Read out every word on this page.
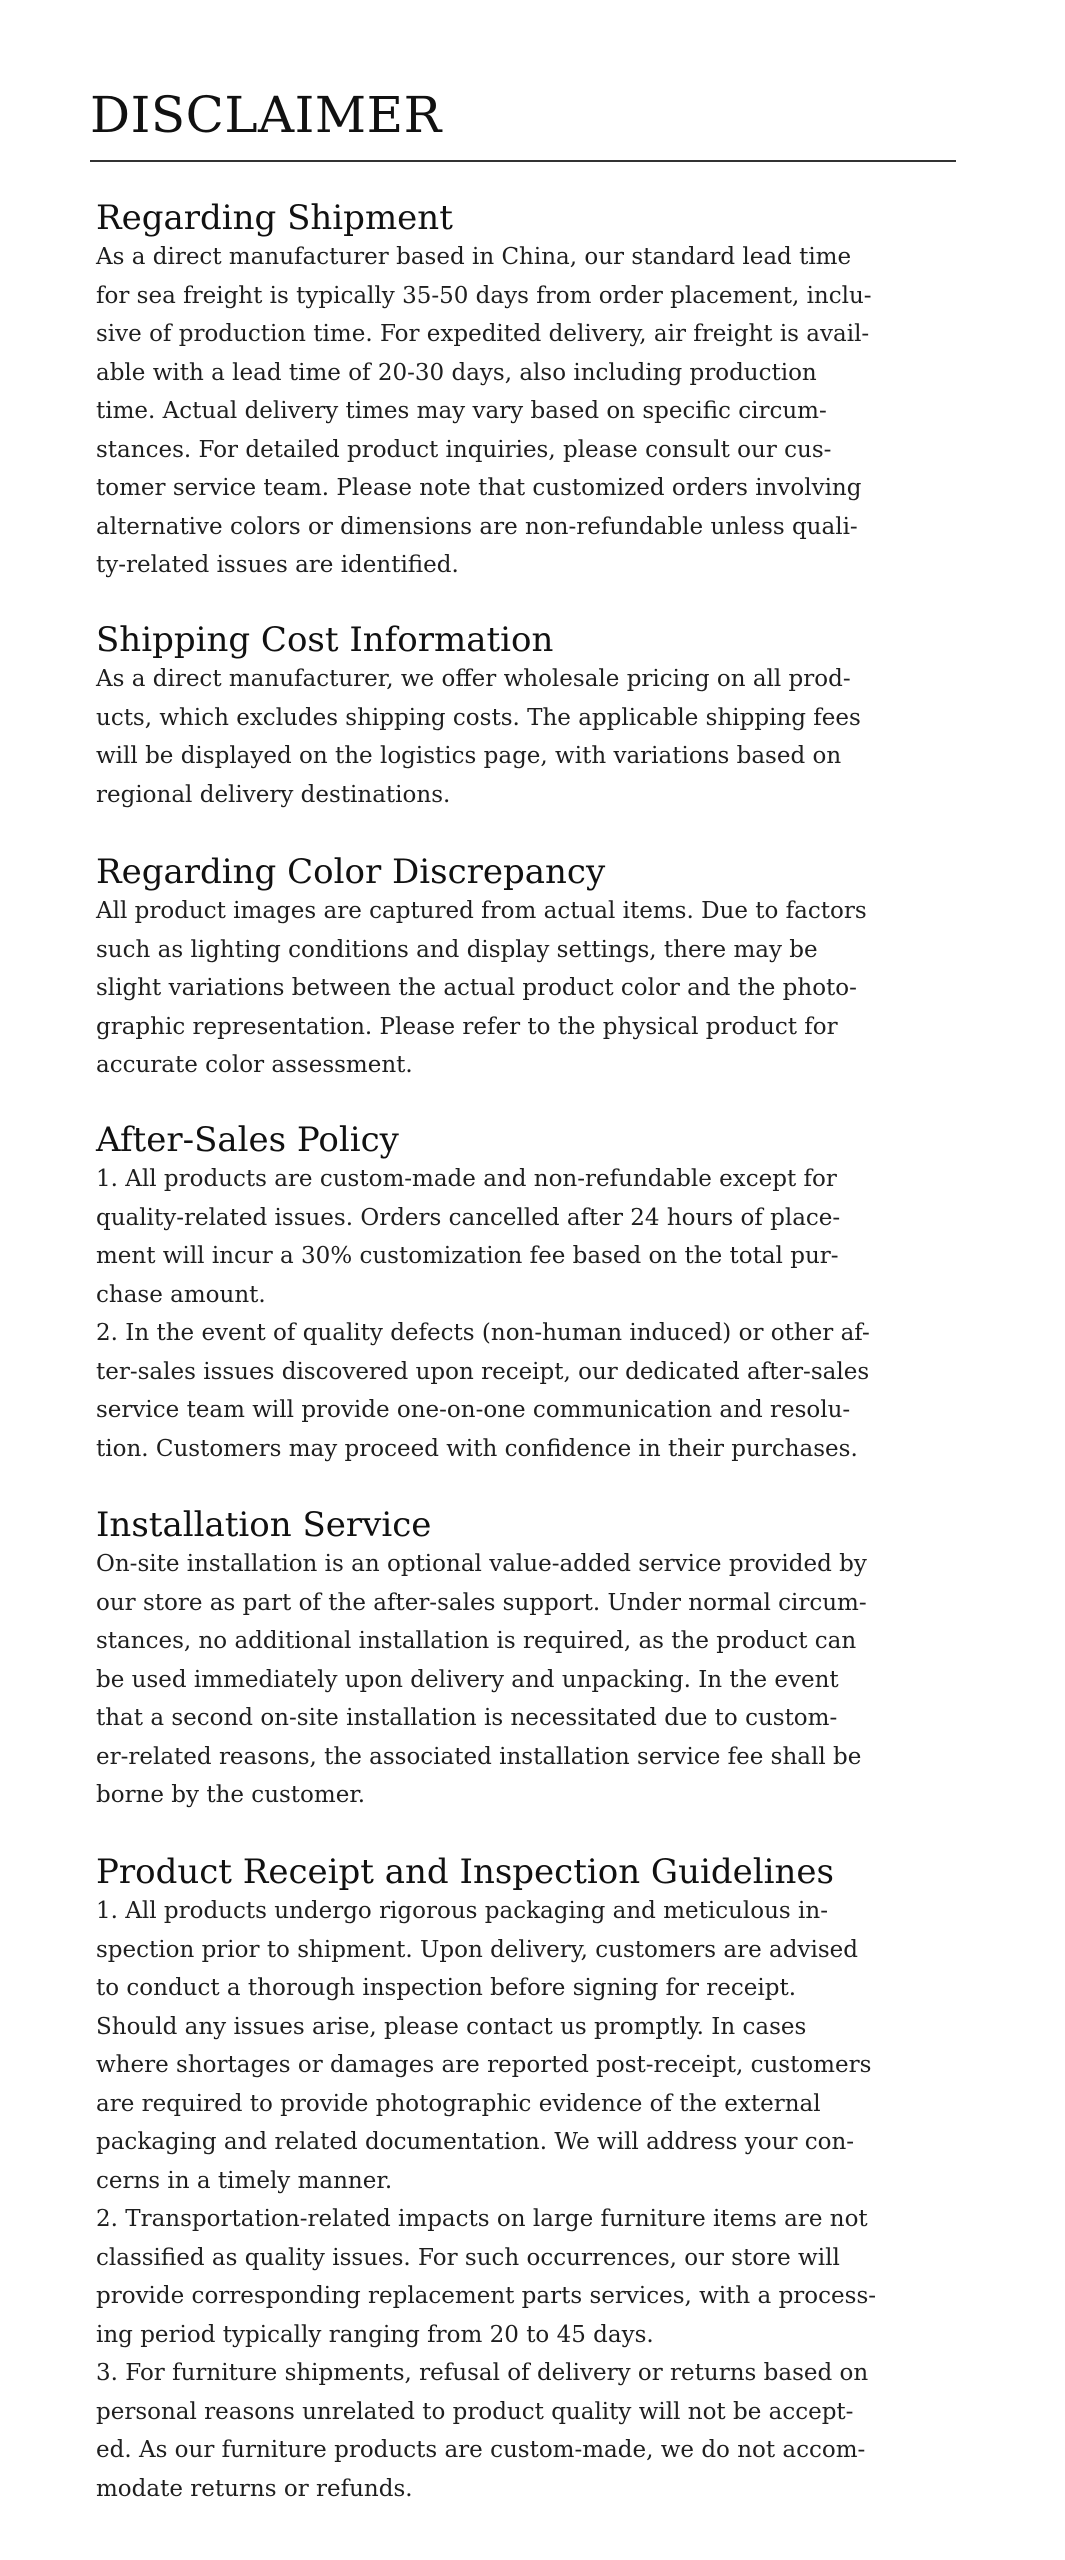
DISCLAIMER
Regarding Shipment
As a direct manufacturer based in China, our standard lead time
for sea freight is typically 35-50 days from order placement, inclu-
sive of production time. For expedited delivery, air freight is avail-
able with a lead time of 20-30 days, also including production
time. Actual delivery times may vary based on specific circum-
stances. For detailed product inquiries, please consult our cus-
tomer service team. Please note that customized orders involving
alternative colors or dimensions are non-refundable unless quali-
ty-related issues are identified.
Shipping Cost Information
As a direct manufacturer, we offer wholesale pricing on all prod-
ucts, which excludes shipping costs. The applicable shipping fees
will be displayed on the logistics page, with variations based on
regional delivery destinations.
Regarding Color Discrepancy
All product images are captured from actual items. Due to factors
such as lighting conditions and display settings, there may be
slight variations between the actual product color and the photo-
graphic representation. Please refer to the physical product for
accurate color assessment.
After-Sales Policy
1. All products are custom-made and non-refundable except for
quality-related issues. Orders cancelled after 24 hours of place-
ment will incur a 30% customization fee based on the total pur-
chase amount.
2. In the event of quality defects (non-human induced) or other af-
ter-sales issues discovered upon receipt, our dedicated after-sales
service team will provide one-on-one communication and resolu-
tion. Customers may proceed with confidence in their purchases.
Installation Service
On-site installation is an optional value-added service provided by
our store as part of the after-sales support. Under normal circum-
stances, no additional installation is required, as the product can
be used immediately upon delivery and unpacking. In the event
that a second on-site installation is necessitated due to custom-
er-related reasons, the associated installation service fee shall be
borne by the customer.
Product Receipt and Inspection Guidelines
1. All products undergo rigorous packaging and meticulous in-
spection prior to shipment. Upon delivery, customers are advised
to conduct a thorough inspection before signing for receipt.
Should any issues arise, please contact us promptly. In cases
where shortages or damages are reported post-receipt, customers
are required to provide photographic evidence of the external
packaging and related documentation. We will address your con-
cerns in a timely manner.
2. Transportation-related impacts on large furniture items are not
classified as quality issues. For such occurrences, our store will
provide corresponding replacement parts services, with a process-
ing period typically ranging from 20 to 45 days.
3. For furniture shipments, refusal of delivery or returns based on
personal reasons unrelated to product quality will not be accept-
ed. As our furniture products are custom-made, we do not accom-
modate returns or refunds.
